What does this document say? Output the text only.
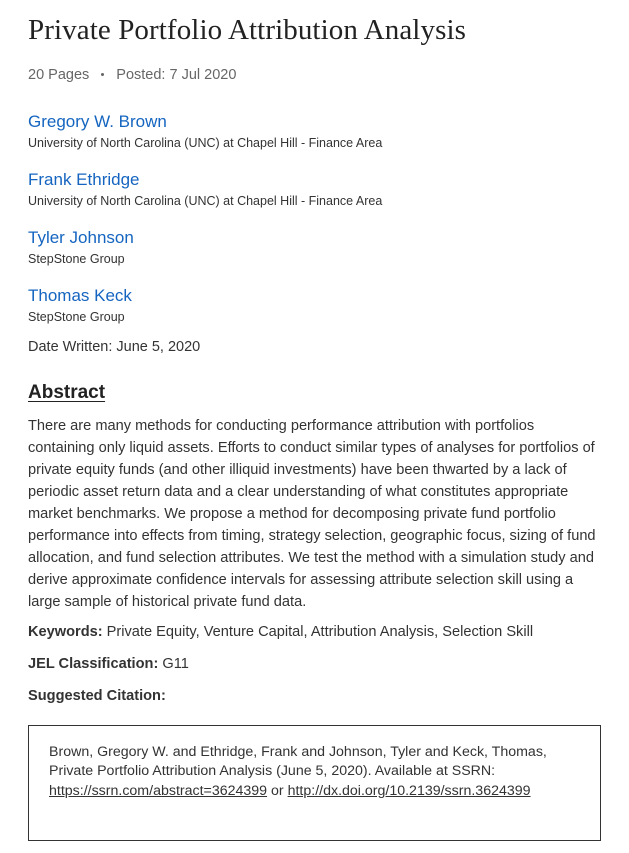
Private Portfolio Attribution Analysis
20 Pages Posted: 7 Jul 2020
Gregory W. Brown
University of North Carolina (UNC) at Chapel Hill - Finance Area
Frank Ethridge
University of North Carolina (UNC) at Chapel Hill - Finance Area
Tyler Johnson
StepStone Group
Thomas Keck
StepStone Group
Date Written: June 5, 2020
Abstract

There are many methods for conducting performance attribution with portfolios containing only liquid assets. Efforts to conduct similar types of analyses for portfolios of private equity funds (and other illiquid investments) have been thwarted by a lack of periodic asset return data and a clear understanding of what constitutes appropriate market benchmarks. We propose a method for decomposing private fund portfolio performance into effects from timing, strategy selection, geographic focus, sizing of fund allocation, and fund selection attributes. We test the method with a simulation study and derive approximate confidence intervals for assessing attribute selection skill using a large sample of historical private fund data.

Keywords: Private Equity, Venture Capital, Attribution Analysis, Selection Skill
JEL Classification: G11
Suggested Citation:
Brown, Gregory W. and Ethridge, Frank and Johnson, Tyler and Keck, Thomas, Private Portfolio Attribution Analysis (June 5, 2020). Available at SSRN: https://ssrn.com/abstract=3624399 or http://dx.doi.org/10.2139/ssrn.3624399
